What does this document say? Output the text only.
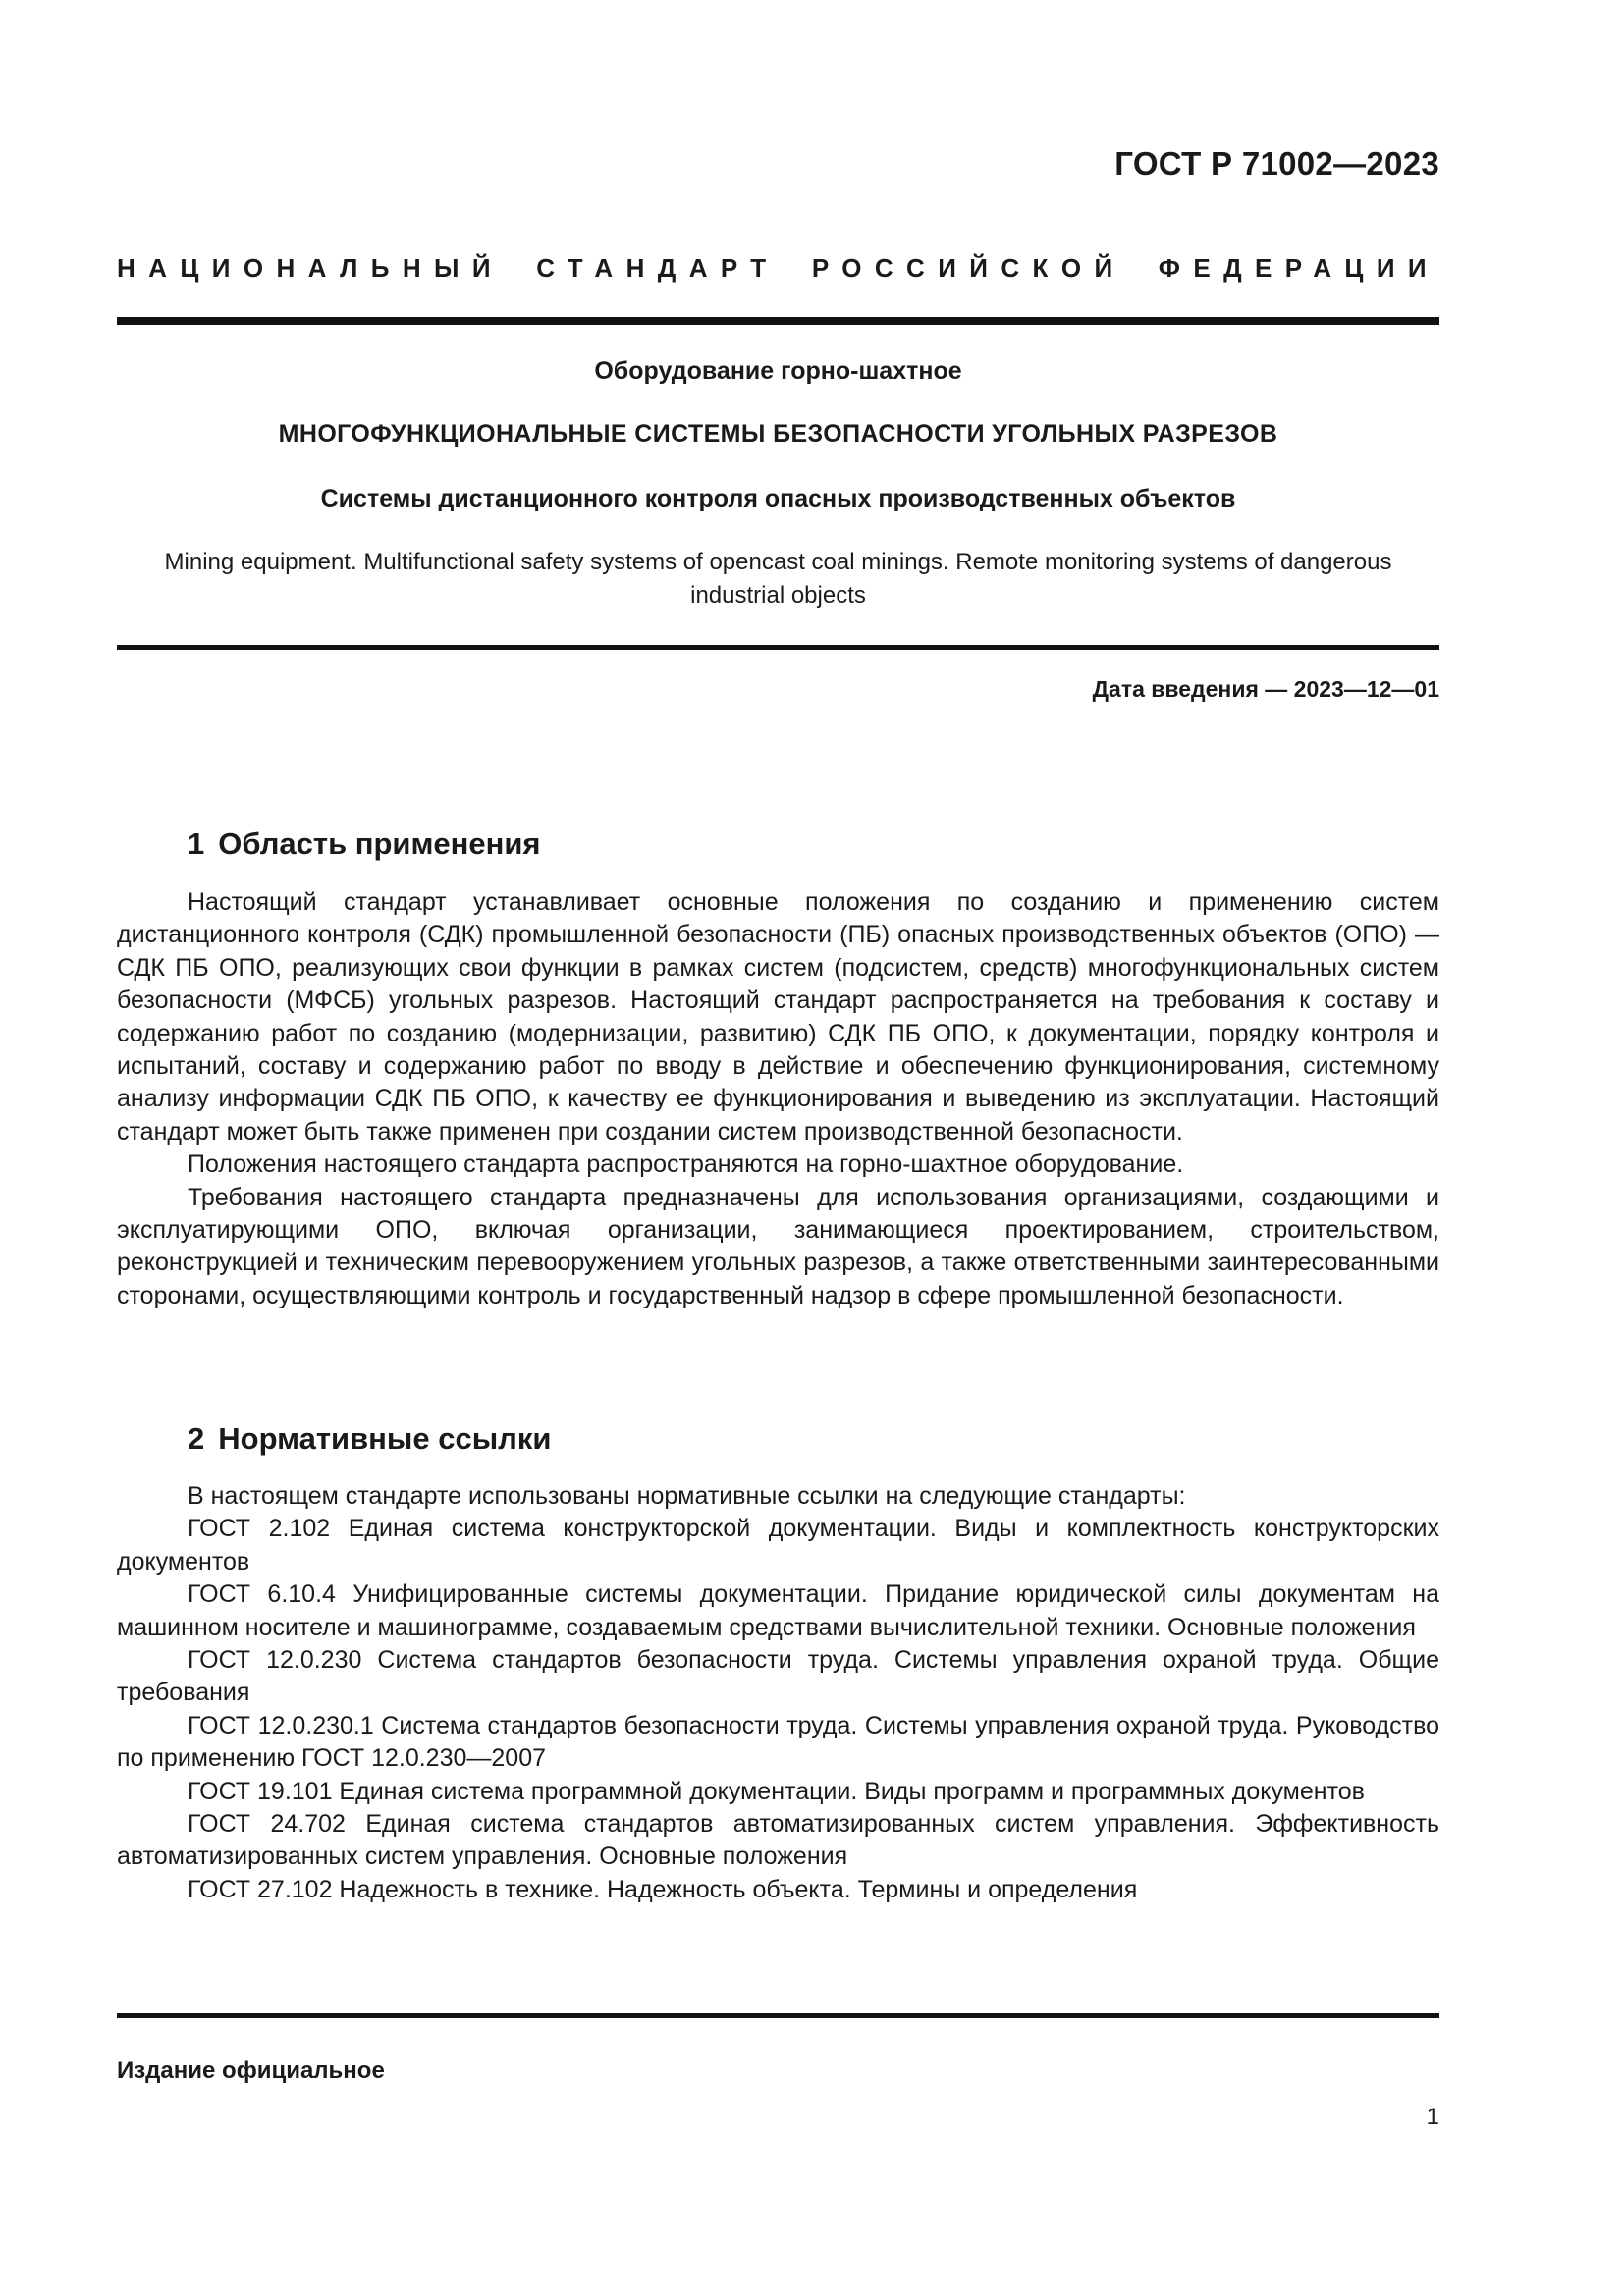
ГОСТ Р 71002—2023
НАЦИОНАЛЬНЫЙ СТАНДАРТ РОССИЙСКОЙ ФЕДЕРАЦИИ
Оборудование горно-шахтное
МНОГОФУНКЦИОНАЛЬНЫЕ СИСТЕМЫ БЕЗОПАСНОСТИ УГОЛЬНЫХ РАЗРЕЗОВ
Системы дистанционного контроля опасных производственных объектов
Mining equipment. Multifunctional safety systems of opencast coal minings. Remote monitoring systems of dangerous industrial objects
Дата введения — 2023—12—01
1 Область применения

Настоящий стандарт устанавливает основные положения по созданию и применению систем дистанционного контроля (СДК) промышленной безопасности (ПБ) опасных производственных объектов (ОПО) — СДК ПБ ОПО, реализующих свои функции в рамках систем (подсистем, средств) многофункциональных систем безопасности (МФСБ) угольных разрезов. Настоящий стандарт распространяется на требования к составу и содержанию работ по созданию (модернизации, развитию) СДК ПБ ОПО, к документации, порядку контроля и испытаний, составу и содержанию работ по вводу в действие и обеспечению функционирования, системному анализу информации СДК ПБ ОПО, к качеству ее функционирования и выведению из эксплуатации. Настоящий стандарт может быть также применен при создании систем производственной безопасности.

Положения настоящего стандарта распространяются на горно-шахтное оборудование.

Требования настоящего стандарта предназначены для использования организациями, создающими и эксплуатирующими ОПО, включая организации, занимающиеся проектированием, строительством, реконструкцией и техническим перевооружением угольных разрезов, а также ответственными заинтересованными сторонами, осуществляющими контроль и государственный надзор в сфере промышленной безопасности.

2 Нормативные ссылки

В настоящем стандарте использованы нормативные ссылки на следующие стандарты:

ГОСТ 2.102 Единая система конструкторской документации. Виды и комплектность конструкторских документов

ГОСТ 6.10.4 Унифицированные системы документации. Придание юридической силы документам на машинном носителе и машинограмме, создаваемым средствами вычислительной техники. Основные положения

ГОСТ 12.0.230 Система стандартов безопасности труда. Системы управления охраной труда. Общие требования

ГОСТ 12.0.230.1 Система стандартов безопасности труда. Системы управления охраной труда. Руководство по применению ГОСТ 12.0.230—2007

ГОСТ 19.101 Единая система программной документации. Виды программ и программных документов

ГОСТ 24.702 Единая система стандартов автоматизированных систем управления. Эффективность автоматизированных систем управления. Основные положения

ГОСТ 27.102 Надежность в технике. Надежность объекта. Термины и определения

Издание официальное
1
